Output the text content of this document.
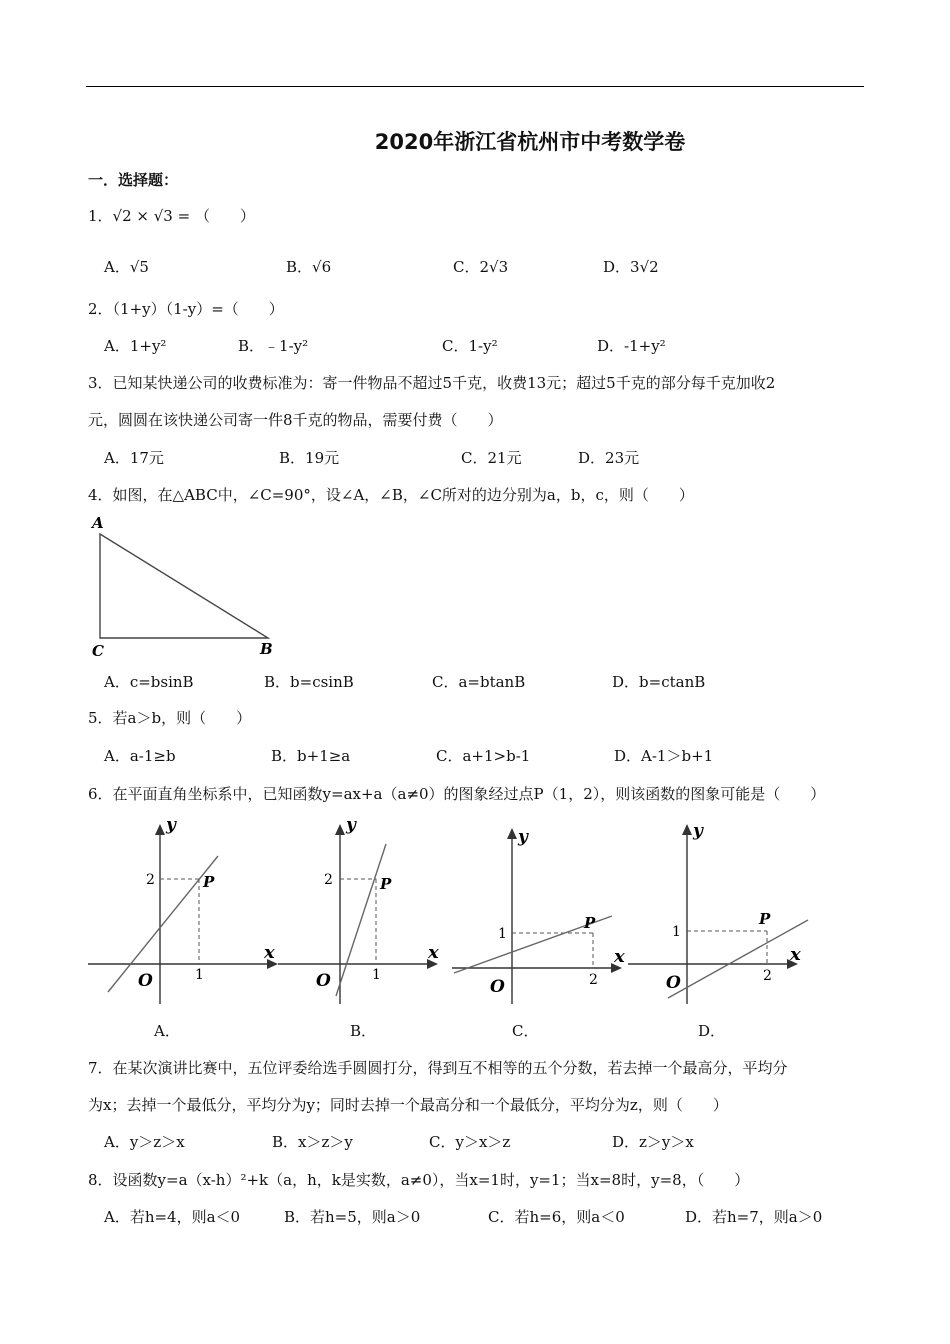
2020年浙江省杭州市中考数学卷
一．选择题：
1．√2 × √3 = （　　）
A．√5	B．√6	C．2√3	D．3√2
2．（1+y）（1-y）=（　　）
A．1+y²	B．﹣1-y²	C．1-y²	D．-1+y²
3．已知某快递公司的收费标准为：寄一件物品不超过5千克，收费13元；超过5千克的部分每千克加收2
元，圆圆在该快递公司寄一件8千克的物品，需要付费（　　）
A．17元	B．19元	C．21元	D．23元
4．如图，在△ABC中，∠C=90°，设∠A，∠B，∠C所对的边分别为a，b，c，则（　　）
A
C	B
A．c=bsinB	B．b=csinB	C．a=btanB	D．b=ctanB
5．若a＞b，则（　　）
A．a-1≥b	B．b+1≥a	C．a+1>b-1	D．A-1＞b+1
6．在平面直角坐标系中，已知函数y=ax+a（a≠0）的图象经过点P（1，2），则该函数的图象可能是（　　）
y
x
O
P
2
1
y
x
O
P
2
1
y
x
O
P
1
2
y
x
O
P
1
2
A．	B．	C．	D．
7．在某次演讲比赛中，五位评委给选手圆圆打分，得到互不相等的五个分数，若去掉一个最高分，平均分
为x；去掉一个最低分，平均分为y；同时去掉一个最高分和一个最低分，平均分为z，则（　　）
A．y＞z＞x	B．x＞z＞y	C．y＞x＞z	D．z＞y＞x
8．设函数y=a（x-h）²+k（a，h，k是实数，a≠0），当x=1时，y=1；当x=8时，y=8，（　　）
A．若h=4，则a＜0	B．若h=5，则a＞0	C．若h=6，则a＜0	D．若h=7，则a＞0
